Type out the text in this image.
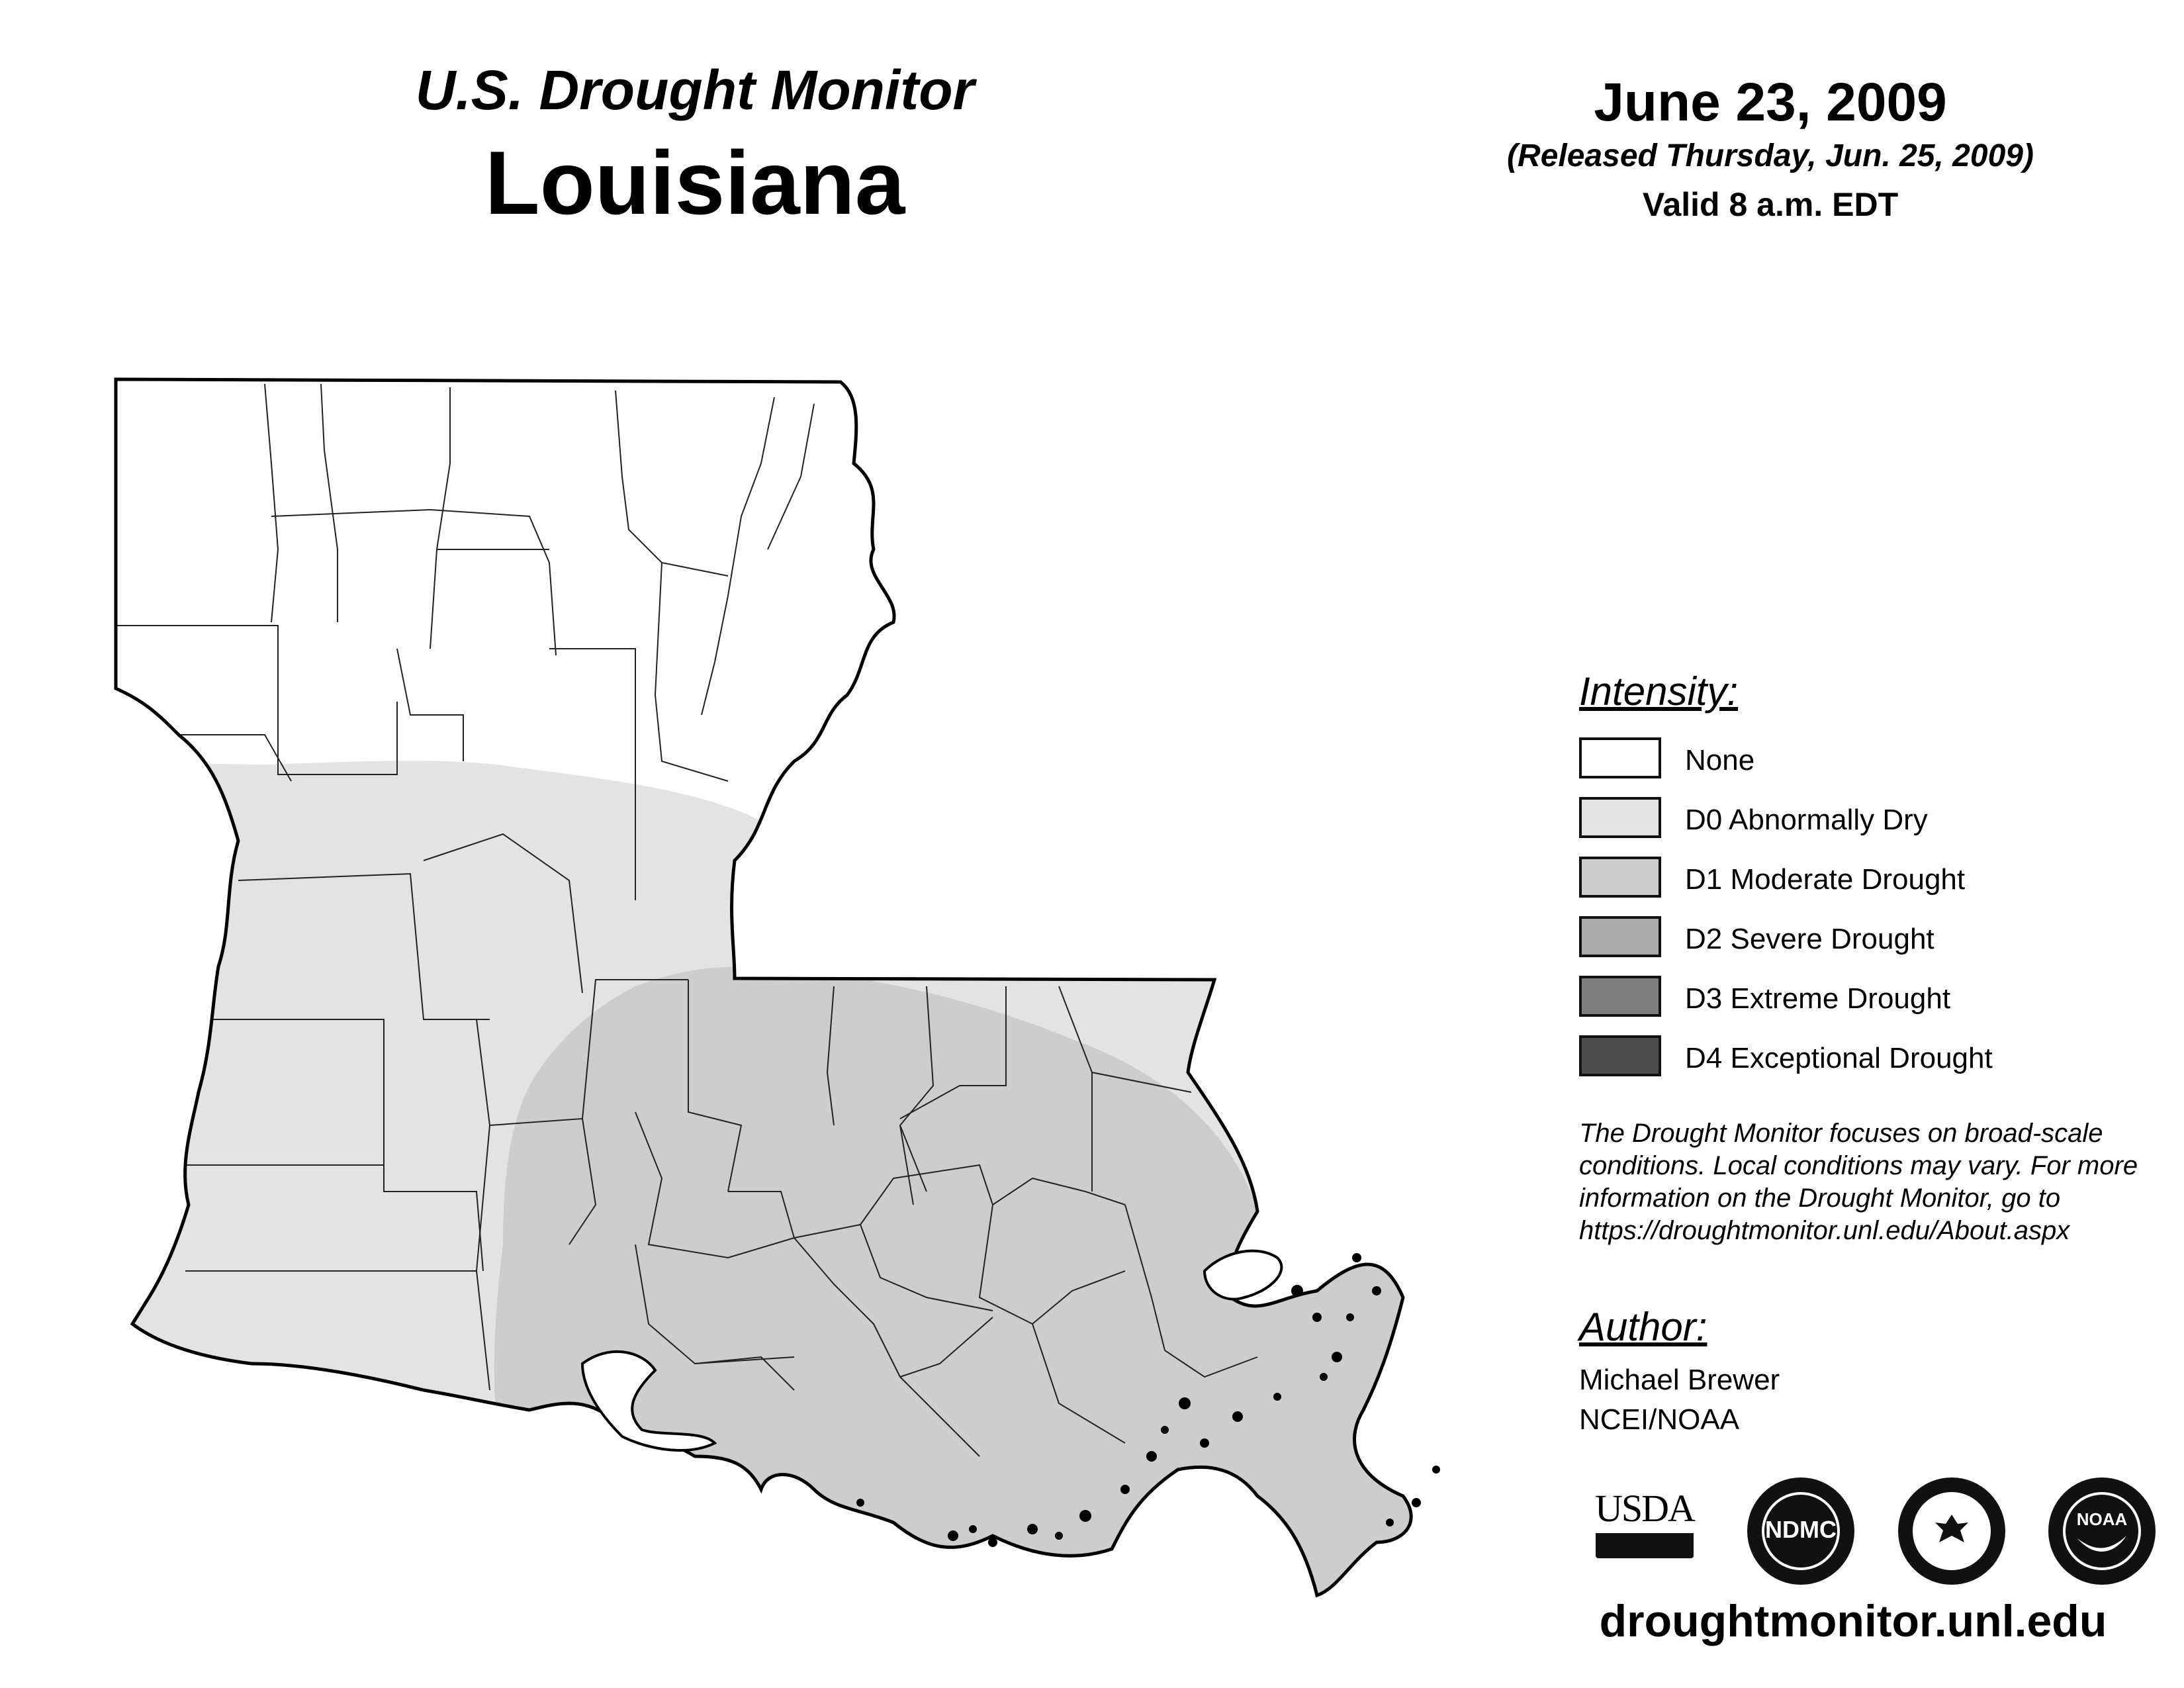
U.S. Drought Monitor
Louisiana
June 23, 2009
(Released Thursday, Jun. 25, 2009)
Valid 8 a.m. EDT
Intensity:
None
D0 Abnormally Dry
D1 Moderate Drought
D2 Severe Drought
D3 Extreme Drought
D4 Exceptional Drought
The Drought Monitor focuses on broad-scale conditions. Local conditions may vary. For more information on the Drought Monitor, go to https://droughtmonitor.unl.edu/About.aspx
Author:
Michael Brewer
NCEI/NOAA
USDA	NDMC	NOAA
droughtmonitor.unl.edu
